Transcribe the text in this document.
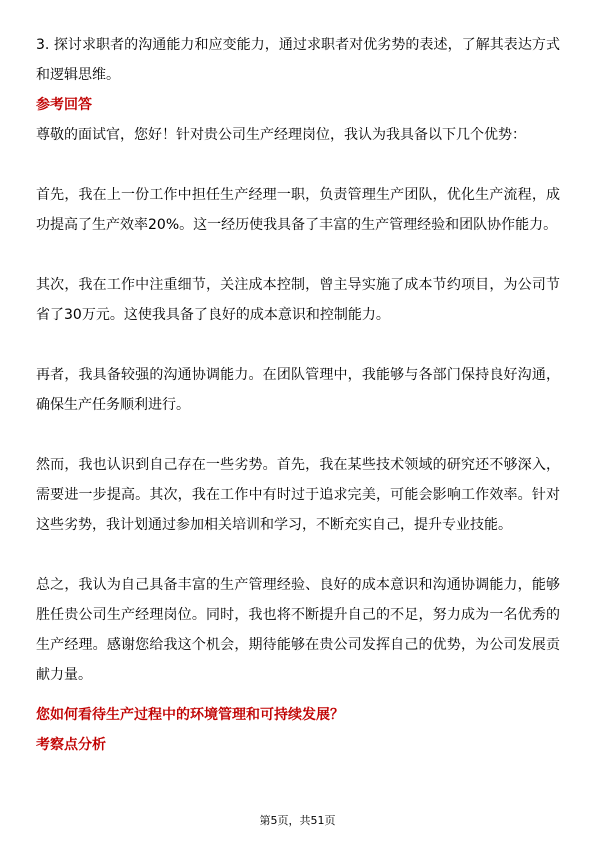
3. 探讨求职者的沟通能力和应变能力，通过求职者对优劣势的表述，了解其表达方式和逻辑思维。

参考回答

尊敬的面试官，您好！针对贵公司生产经理岗位，我认为我具备以下几个优势：

首先，我在上一份工作中担任生产经理一职，负责管理生产团队，优化生产流程，成功提高了生产效率20%。这一经历使我具备了丰富的生产管理经验和团队协作能力。

其次，我在工作中注重细节，关注成本控制，曾主导实施了成本节约项目，为公司节省了30万元。这使我具备了良好的成本意识和控制能力。

再者，我具备较强的沟通协调能力。在团队管理中，我能够与各部门保持良好沟通，确保生产任务顺利进行。

然而，我也认识到自己存在一些劣势。首先，我在某些技术领域的研究还不够深入，需要进一步提高。其次，我在工作中有时过于追求完美，可能会影响工作效率。针对这些劣势，我计划通过参加相关培训和学习，不断充实自己，提升专业技能。

总之，我认为自己具备丰富的生产管理经验、良好的成本意识和沟通协调能力，能够胜任贵公司生产经理岗位。同时，我也将不断提升自己的不足，努力成为一名优秀的生产经理。感谢您给我这个机会，期待能够在贵公司发挥自己的优势，为公司发展贡献力量。

您如何看待生产过程中的环境管理和可持续发展？

考察点分析

第5页，共51页
